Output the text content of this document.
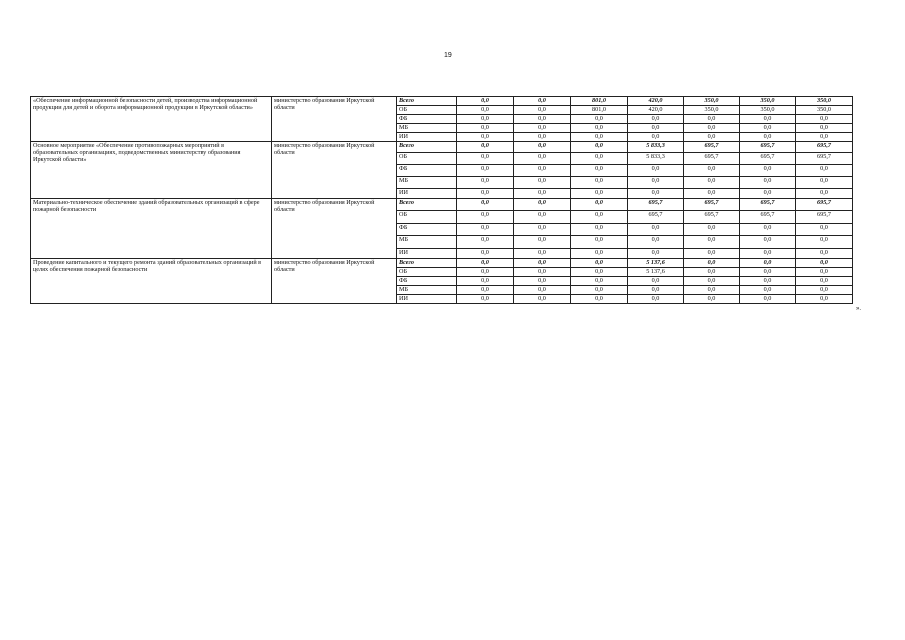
19
«Обеспечение информационной безопасности детей, производства информационной продукции для детей и оборота информационной продукции в Иркутской области»	министерство образования Иркутской области	Всего	0,0	0,0	801,0	420,0	350,0	350,0	350,0
		ОБ	0,0	0,0	801,0	420,0	350,0	350,0	350,0
		ФБ	0,0	0,0	0,0	0,0	0,0	0,0	0,0
		МБ	0,0	0,0	0,0	0,0	0,0	0,0	0,0
		ИИ	0,0	0,0	0,0	0,0	0,0	0,0	0,0
Основное мероприятие «Обеспечение противопожарных мероприятий в образовательных организациях, подведомственных министерству образования Иркутской области»	министерство образования Иркутской области	Всего	0,0	0,0	0,0	5 833,3	695,7	695,7	695,7
		ОБ	0,0	0,0	0,0	5 833,3	695,7	695,7	695,7
		ФБ	0,0	0,0	0,0	0,0	0,0	0,0	0,0
		МБ	0,0	0,0	0,0	0,0	0,0	0,0	0,0
		ИИ	0,0	0,0	0,0	0,0	0,0	0,0	0,0
Материально-техническое обеспечение зданий образовательных организаций в сфере пожарной безопасности	министерство образования Иркутской области	Всего	0,0	0,0	0,0	695,7	695,7	695,7	695,7
		ОБ	0,0	0,0	0,0	695,7	695,7	695,7	695,7
		ФБ	0,0	0,0	0,0	0,0	0,0	0,0	0,0
		МБ	0,0	0,0	0,0	0,0	0,0	0,0	0,0
		ИИ	0,0	0,0	0,0	0,0	0,0	0,0	0,0
Проведение капитального и текущего ремонта зданий образовательных организаций в целях обеспечения пожарной безопасности	министерство образования Иркутской области	Всего	0,0	0,0	0,0	5 137,6	0,0	0,0	0,0
		ОБ	0,0	0,0	0,0	5 137,6	0,0	0,0	0,0
		ФБ	0,0	0,0	0,0	0,0	0,0	0,0	0,0
		МБ	0,0	0,0	0,0	0,0	0,0	0,0	0,0
		ИИ	0,0	0,0	0,0	0,0	0,0	0,0	0,0
».
